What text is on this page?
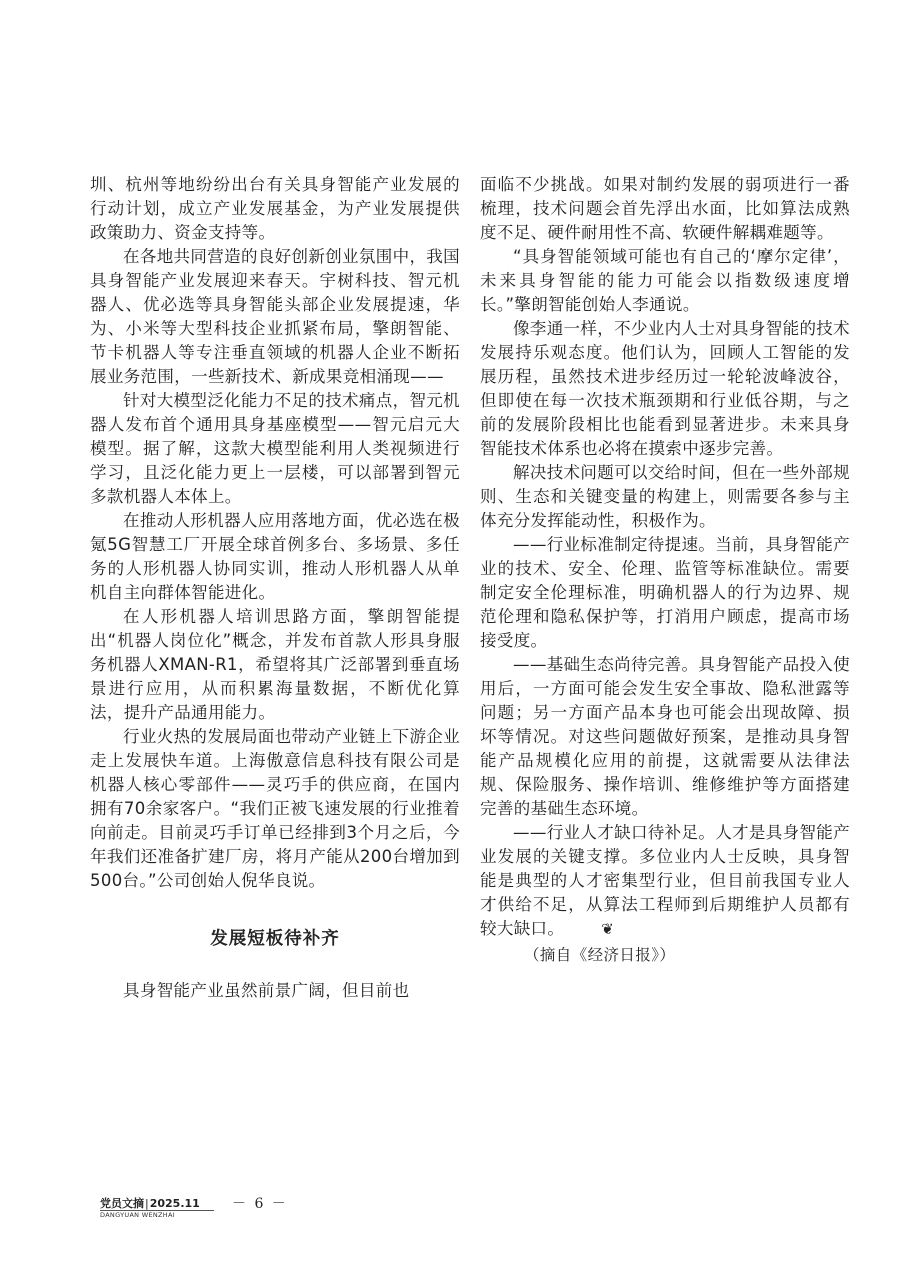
圳、杭州等地纷纷出台有关具身智能产业发展的行动计划，成立产业发展基金，为产业发展提供政策助力、资金支持等。

在各地共同营造的良好创新创业氛围中，我国具身智能产业发展迎来春天。宇树科技、智元机器人、优必选等具身智能头部企业发展提速，华为、小米等大型科技企业抓紧布局，擎朗智能、节卡机器人等专注垂直领域的机器人企业不断拓展业务范围，一些新技术、新成果竞相涌现——

针对大模型泛化能力不足的技术痛点，智元机器人发布首个通用具身基座模型——智元启元大模型。据了解，这款大模型能利用人类视频进行学习，且泛化能力更上一层楼，可以部署到智元多款机器人本体上。

在推动人形机器人应用落地方面，优必选在极氪5G智慧工厂开展全球首例多台、多场景、多任务的人形机器人协同实训，推动人形机器人从单机自主向群体智能进化。

在人形机器人培训思路方面，擎朗智能提出“机器人岗位化”概念，并发布首款人形具身服务机器人XMAN-R1，希望将其广泛部署到垂直场景进行应用，从而积累海量数据，不断优化算法，提升产品通用能力。

行业火热的发展局面也带动产业链上下游企业走上发展快车道。上海傲意信息科技有限公司是机器人核心零部件——灵巧手的供应商，在国内拥有70余家客户。“我们正被飞速发展的行业推着向前走。目前灵巧手订单已经排到3个月之后，今年我们还准备扩建厂房，将月产能从200台增加到500台。”公司创始人倪华良说。

发展短板待补齐

具身智能产业虽然前景广阔，但目前也

面临不少挑战。如果对制约发展的弱项进行一番梳理，技术问题会首先浮出水面，比如算法成熟度不足、硬件耐用性不高、软硬件解耦难题等。

“具身智能领域可能也有自己的‘摩尔定律’，未来具身智能的能力可能会以指数级速度增长。”擎朗智能创始人李通说。

像李通一样，不少业内人士对具身智能的技术发展持乐观态度。他们认为，回顾人工智能的发展历程，虽然技术进步经历过一轮轮波峰波谷，但即使在每一次技术瓶颈期和行业低谷期，与之前的发展阶段相比也能看到显著进步。未来具身智能技术体系也必将在摸索中逐步完善。

解决技术问题可以交给时间，但在一些外部规则、生态和关键变量的构建上，则需要各参与主体充分发挥能动性，积极作为。

——行业标准制定待提速。当前，具身智能产业的技术、安全、伦理、监管等标准缺位。需要制定安全伦理标准，明确机器人的行为边界、规范伦理和隐私保护等，打消用户顾虑，提高市场接受度。

——基础生态尚待完善。具身智能产品投入使用后，一方面可能会发生安全事故、隐私泄露等问题；另一方面产品本身也可能会出现故障、损坏等情况。对这些问题做好预案，是推动具身智能产品规模化应用的前提，这就需要从法律法规、保险服务、操作培训、维修维护等方面搭建完善的基础生态环境。

——行业人才缺口待补足。人才是具身智能产业发展的关键支撑。多位业内人士反映，具身智能是典型的人才密集型行业，但目前我国专业人才供给不足，从算法工程师到后期维护人员都有较大缺口。 ❦

（摘自《经济日报》）
党员文摘|2025.11
DANGYUAN WENZHAI
－ 6 －
